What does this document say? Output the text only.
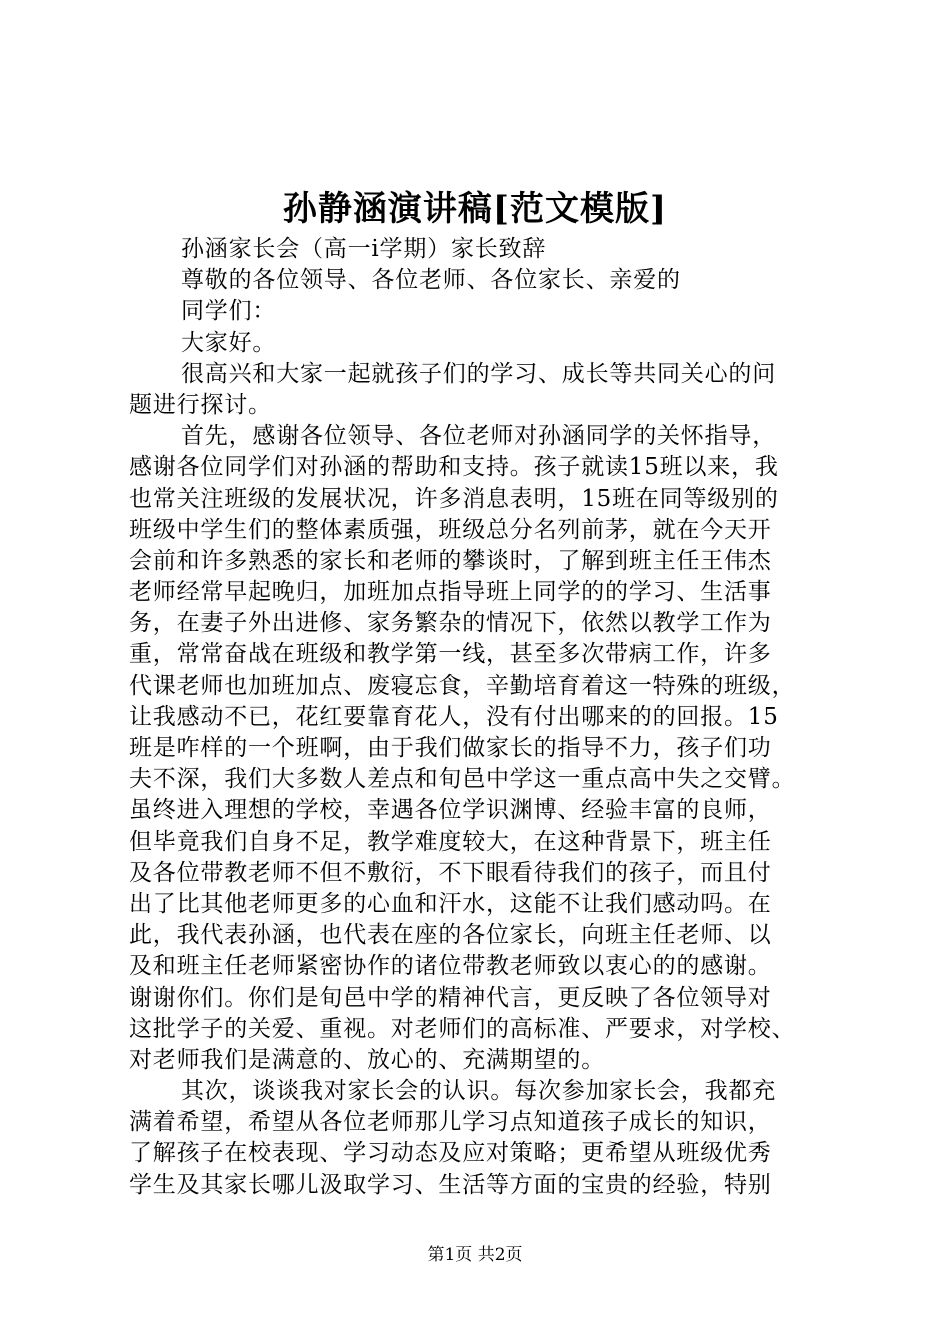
孙静涵演讲稿[范文模版]
孙涵家长会（高一ⅰ学期）家长致辞
尊敬的各位领导、各位老师、各位家长、亲爱的
同学们：
大家好。
很高兴和大家一起就孩子们的学习、成长等共同关心的问
题进行探讨。
首先，感谢各位领导、各位老师对孙涵同学的关怀指导，
感谢各位同学们对孙涵的帮助和支持。孩子就读15班以来，我
也常关注班级的发展状况，许多消息表明，15班在同等级别的
班级中学生们的整体素质强，班级总分名列前茅，就在今天开
会前和许多熟悉的家长和老师的攀谈时，了解到班主任王伟杰
老师经常早起晚归，加班加点指导班上同学的的学习、生活事
务，在妻子外出进修、家务繁杂的情况下，依然以教学工作为
重，常常奋战在班级和教学第一线，甚至多次带病工作，许多
代课老师也加班加点、废寝忘食，辛勤培育着这一特殊的班级，
让我感动不已，花红要靠育花人，没有付出哪来的的回报。15
班是咋样的一个班啊，由于我们做家长的指导不力，孩子们功
夫不深，我们大多数人差点和旬邑中学这一重点高中失之交臂。
虽终进入理想的学校，幸遇各位学识渊博、经验丰富的良师，
但毕竟我们自身不足，教学难度较大，在这种背景下，班主任
及各位带教老师不但不敷衍，不下眼看待我们的孩子，而且付
出了比其他老师更多的心血和汗水，这能不让我们感动吗。在
此，我代表孙涵，也代表在座的各位家长，向班主任老师、以
及和班主任老师紧密协作的诸位带教老师致以衷心的的感谢。
谢谢你们。你们是旬邑中学的精神代言，更反映了各位领导对
这批学子的关爱、重视。对老师们的高标准、严要求，对学校、
对老师我们是满意的、放心的、充满期望的。
其次，谈谈我对家长会的认识。每次参加家长会，我都充
满着希望，希望从各位老师那儿学习点知道孩子成长的知识，
了解孩子在校表现、学习动态及应对策略；更希望从班级优秀
学生及其家长哪儿汲取学习、生活等方面的宝贵的经验，特别
第1页 共2页
